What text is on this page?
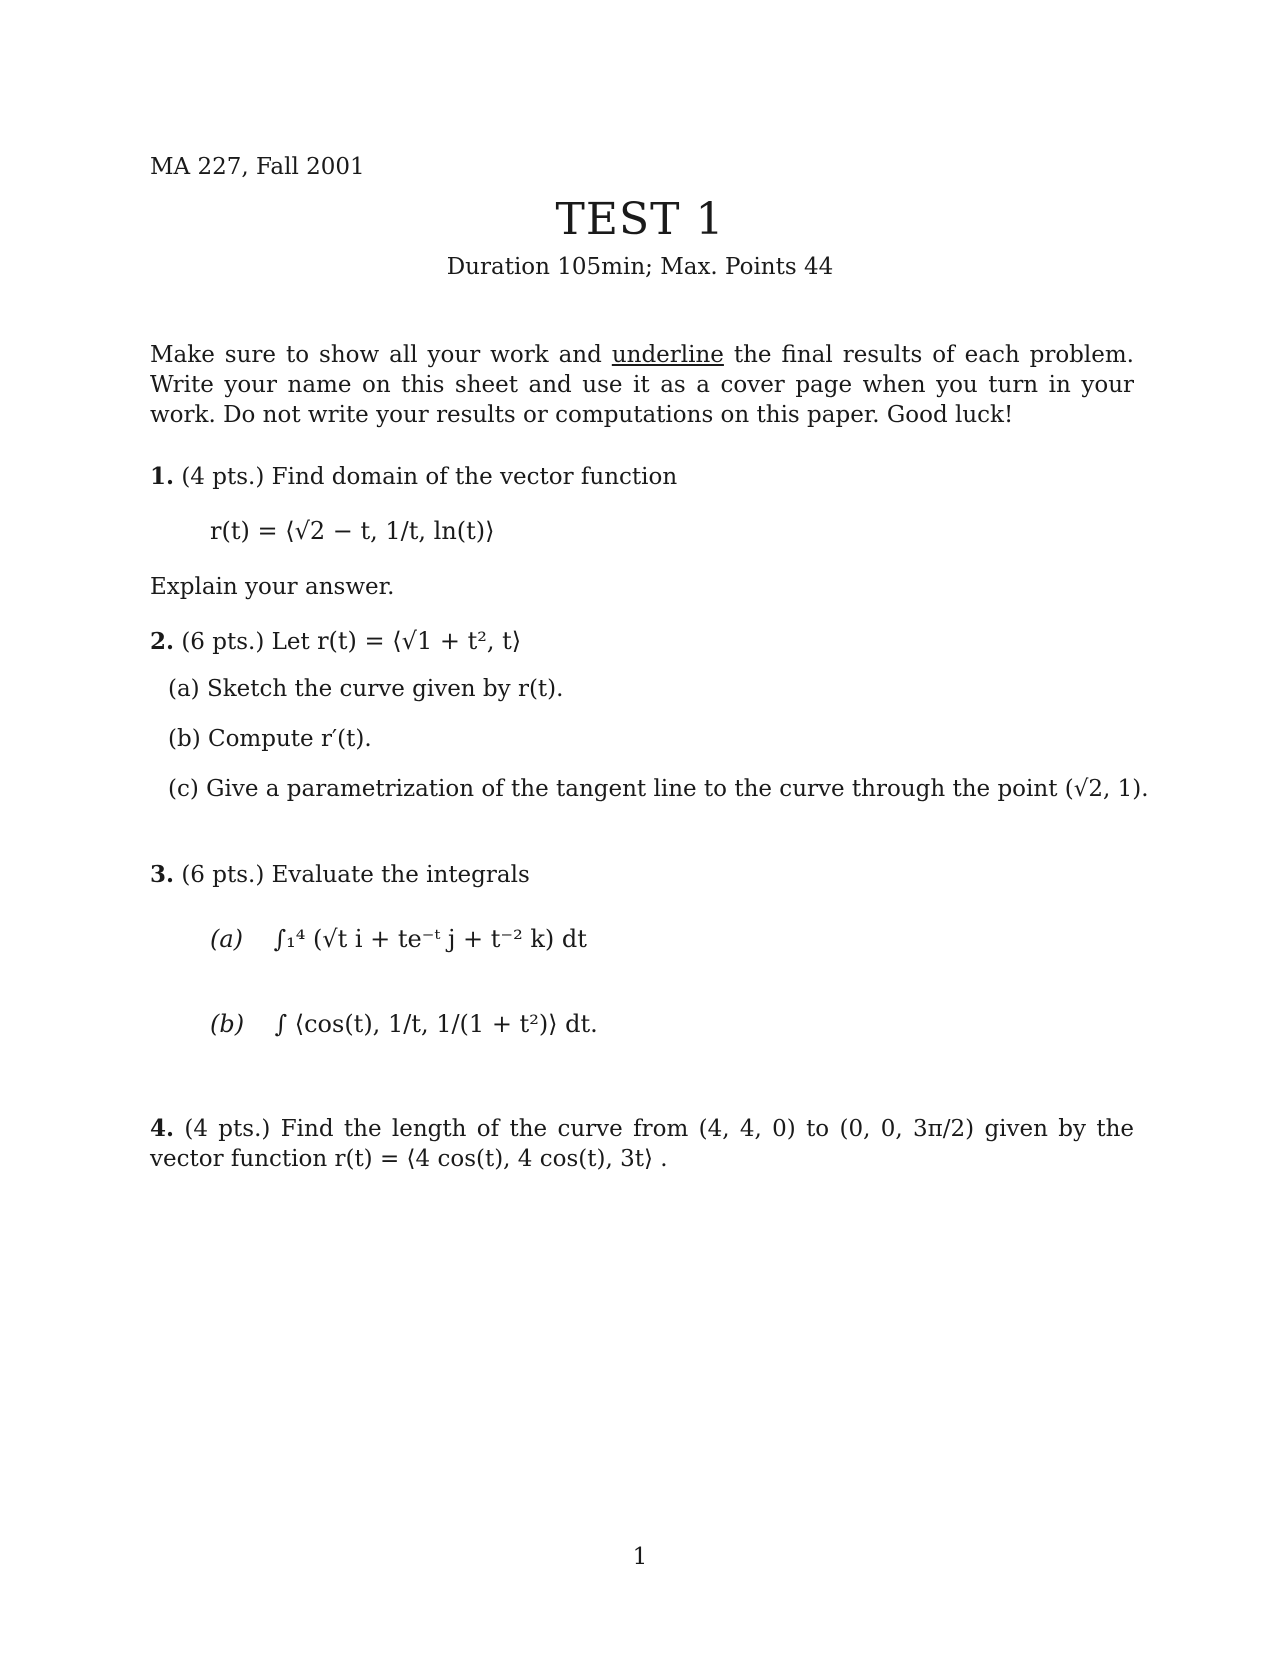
MA 227, Fall 2001
TEST 1
Duration 105min; Max. Points 44
Make sure to show all your work and underline the final results of each problem. Write your name on this sheet and use it as a cover page when you turn in your work. Do not write your results or computations on this paper. Good luck!
1. (4 pts.) Find domain of the vector function
r(t) = ⟨√2 − t, 1/t, ln(t)⟩
Explain your answer.
2. (6 pts.) Let r(t) = ⟨√1 + t², t⟩
(a) Sketch the curve given by r(t).
(b) Compute r′(t).
(c) Give a parametrization of the tangent line to the curve through the point (√2, 1).
3. (6 pts.) Evaluate the integrals
(a) ∫₁⁴ (√t i + te⁻ᵗ j + t⁻² k) dt
(b) ∫ ⟨cos(t), 1/t, 1/(1 + t²)⟩ dt.
4. (4 pts.) Find the length of the curve from (4, 4, 0) to (0, 0, 3π/2) given by the vector function r(t) = ⟨4 cos(t), 4 cos(t), 3t⟩ .
1
